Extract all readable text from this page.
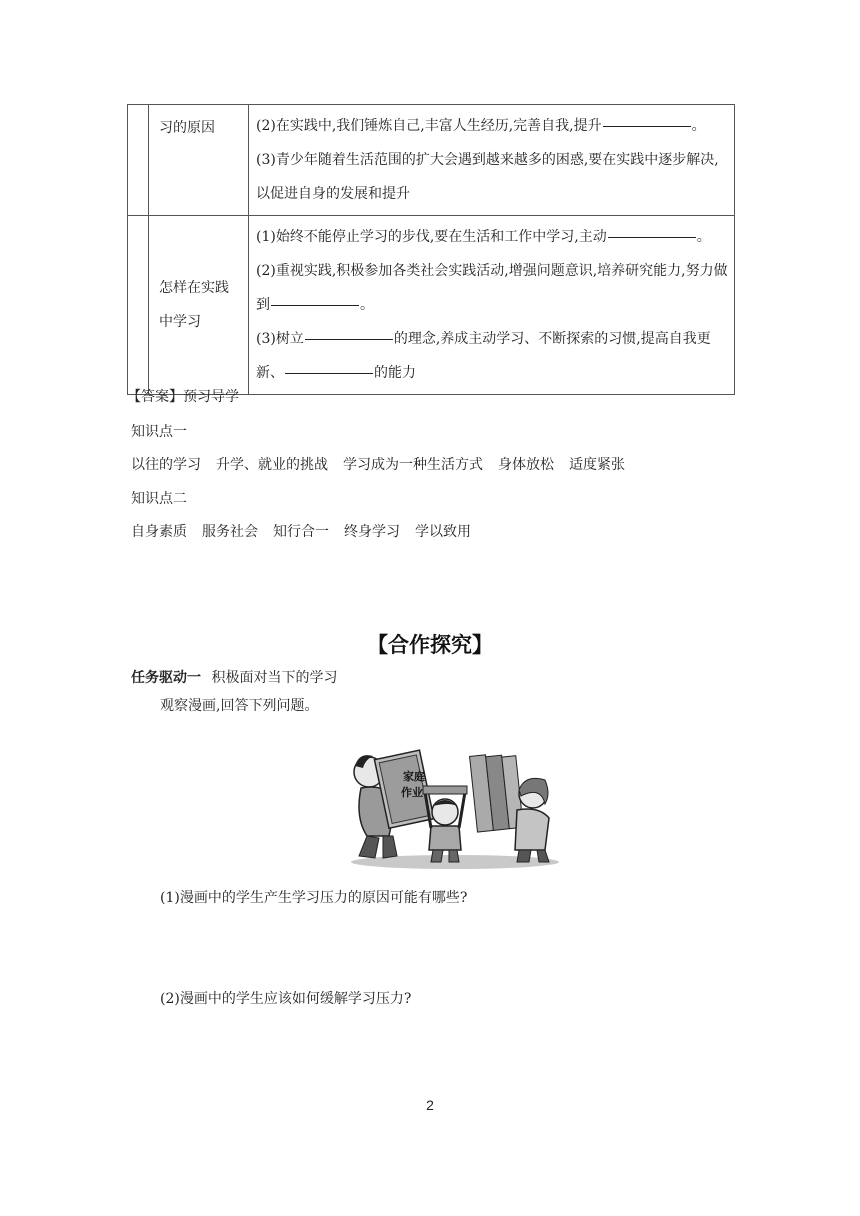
	习的原因	(2)在实践中,我们锤炼自己,丰富人生经历,完善自我,提升 。
(3)青少年随着生活范围的扩大会遇到越来越多的困惑,要在实践中逐步解决,以促进自身的发展和提升

	怎样在实践中学习	(1)始终不能停止学习的步伐,要在生活和工作中学习,主动 。
(2)重视实践,积极参加各类社会实践活动,增强问题意识,培养研究能力,努力做到 。
(3)树立 的理念,养成主动学习、不断探索的习惯,提高自我更新、 的能力
【答案】预习导学
知识点一
以往的学习 升学、就业的挑战 学习成为一种生活方式 身体放松 适度紧张
知识点二
自身素质 服务社会 知行合一 终身学习 学以致用
【合作探究】
任务驱动一 积极面对当下的学习
观察漫画,回答下列问题。
家庭
作业
(1)漫画中的学生产生学习压力的原因可能有哪些?
(2)漫画中的学生应该如何缓解学习压力?
2
